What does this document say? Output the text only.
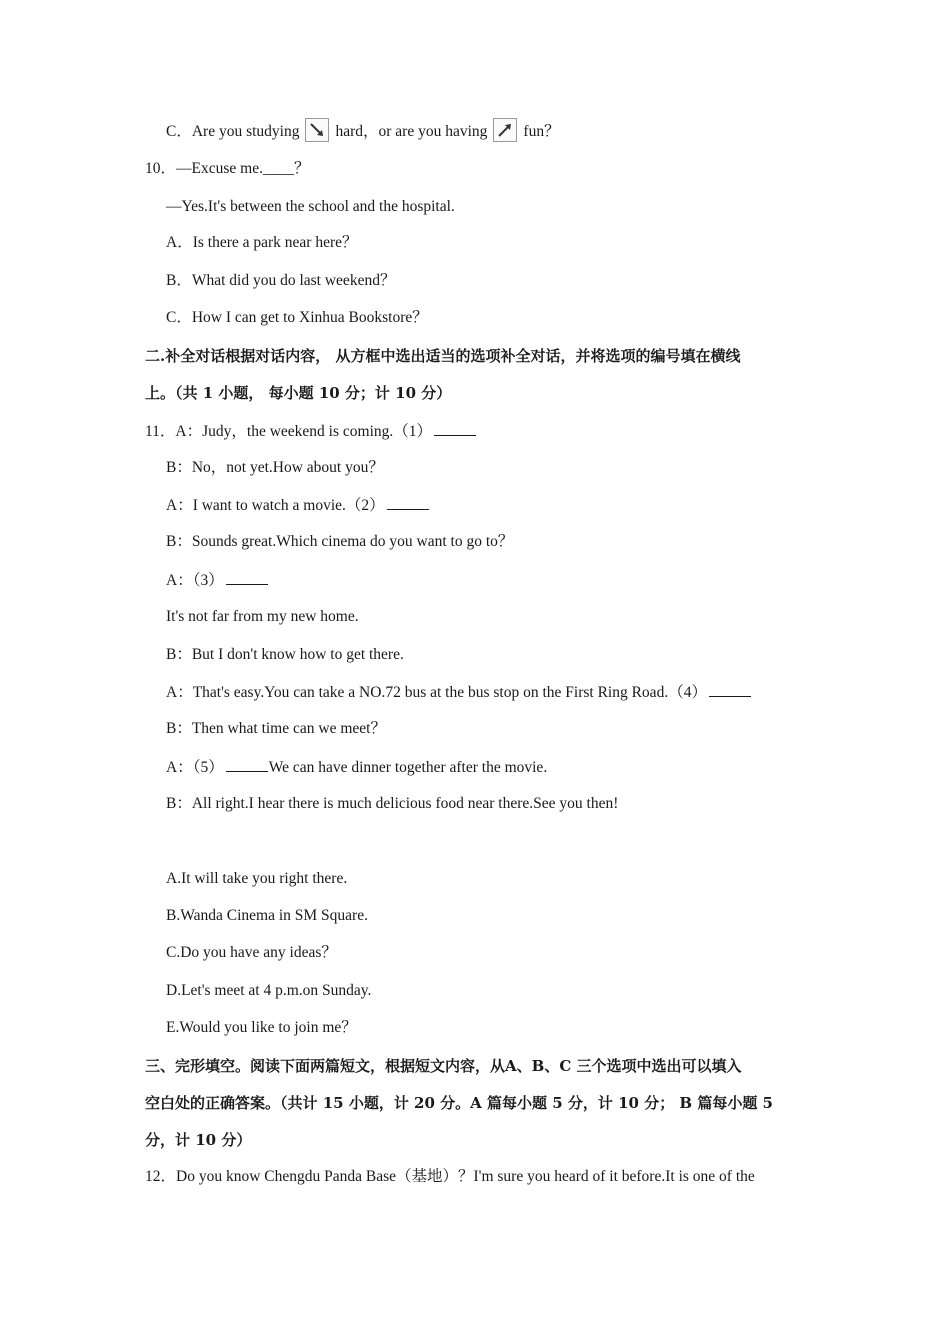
C．Are you studying hard，or are you having fun？
10．—Excuse me.____？
—Yes.It's between the school and the hospital.
A．Is there a park near here？
B．What did you do last weekend？
C．How I can get to Xinhua Bookstore？
二.补全对话根据对话内容， 从方框中选出适当的选项补全对话，并将选项的编号填在横线
上。（共 1 小题， 每小题 10 分；计 10 分）
11．A：Judy，the weekend is coming.（1）
B：No，not yet.How about you？
A：I want to watch a movie.（2）
B：Sounds great.Which cinema do you want to go to？
A：（3）
It's not far from my new home.
B：But I don't know how to get there.
A：That's easy.You can take a NO.72 bus at the bus stop on the First Ring Road.（4）
B：Then what time can we meet？
A：（5）	We can have dinner together after the movie.
B：All right.I hear there is much delicious food near there.See you then!
A.It will take you right there.
B.Wanda Cinema in SM Square.
C.Do you have any ideas？
D.Let's meet at 4 p.m.on Sunday.
E.Would you like to join me？
三、完形填空。阅读下面两篇短文，根据短文内容，从A、B、C 三个选项中选出可以填入
空白处的正确答案。（共计 15 小题，计 20 分。A 篇每小题 5 分，计 10 分； B 篇每小题 5
分，计 10 分）
12．Do you know Chengdu Panda Base（基地）？I'm sure you heard of it before.It is one of the
